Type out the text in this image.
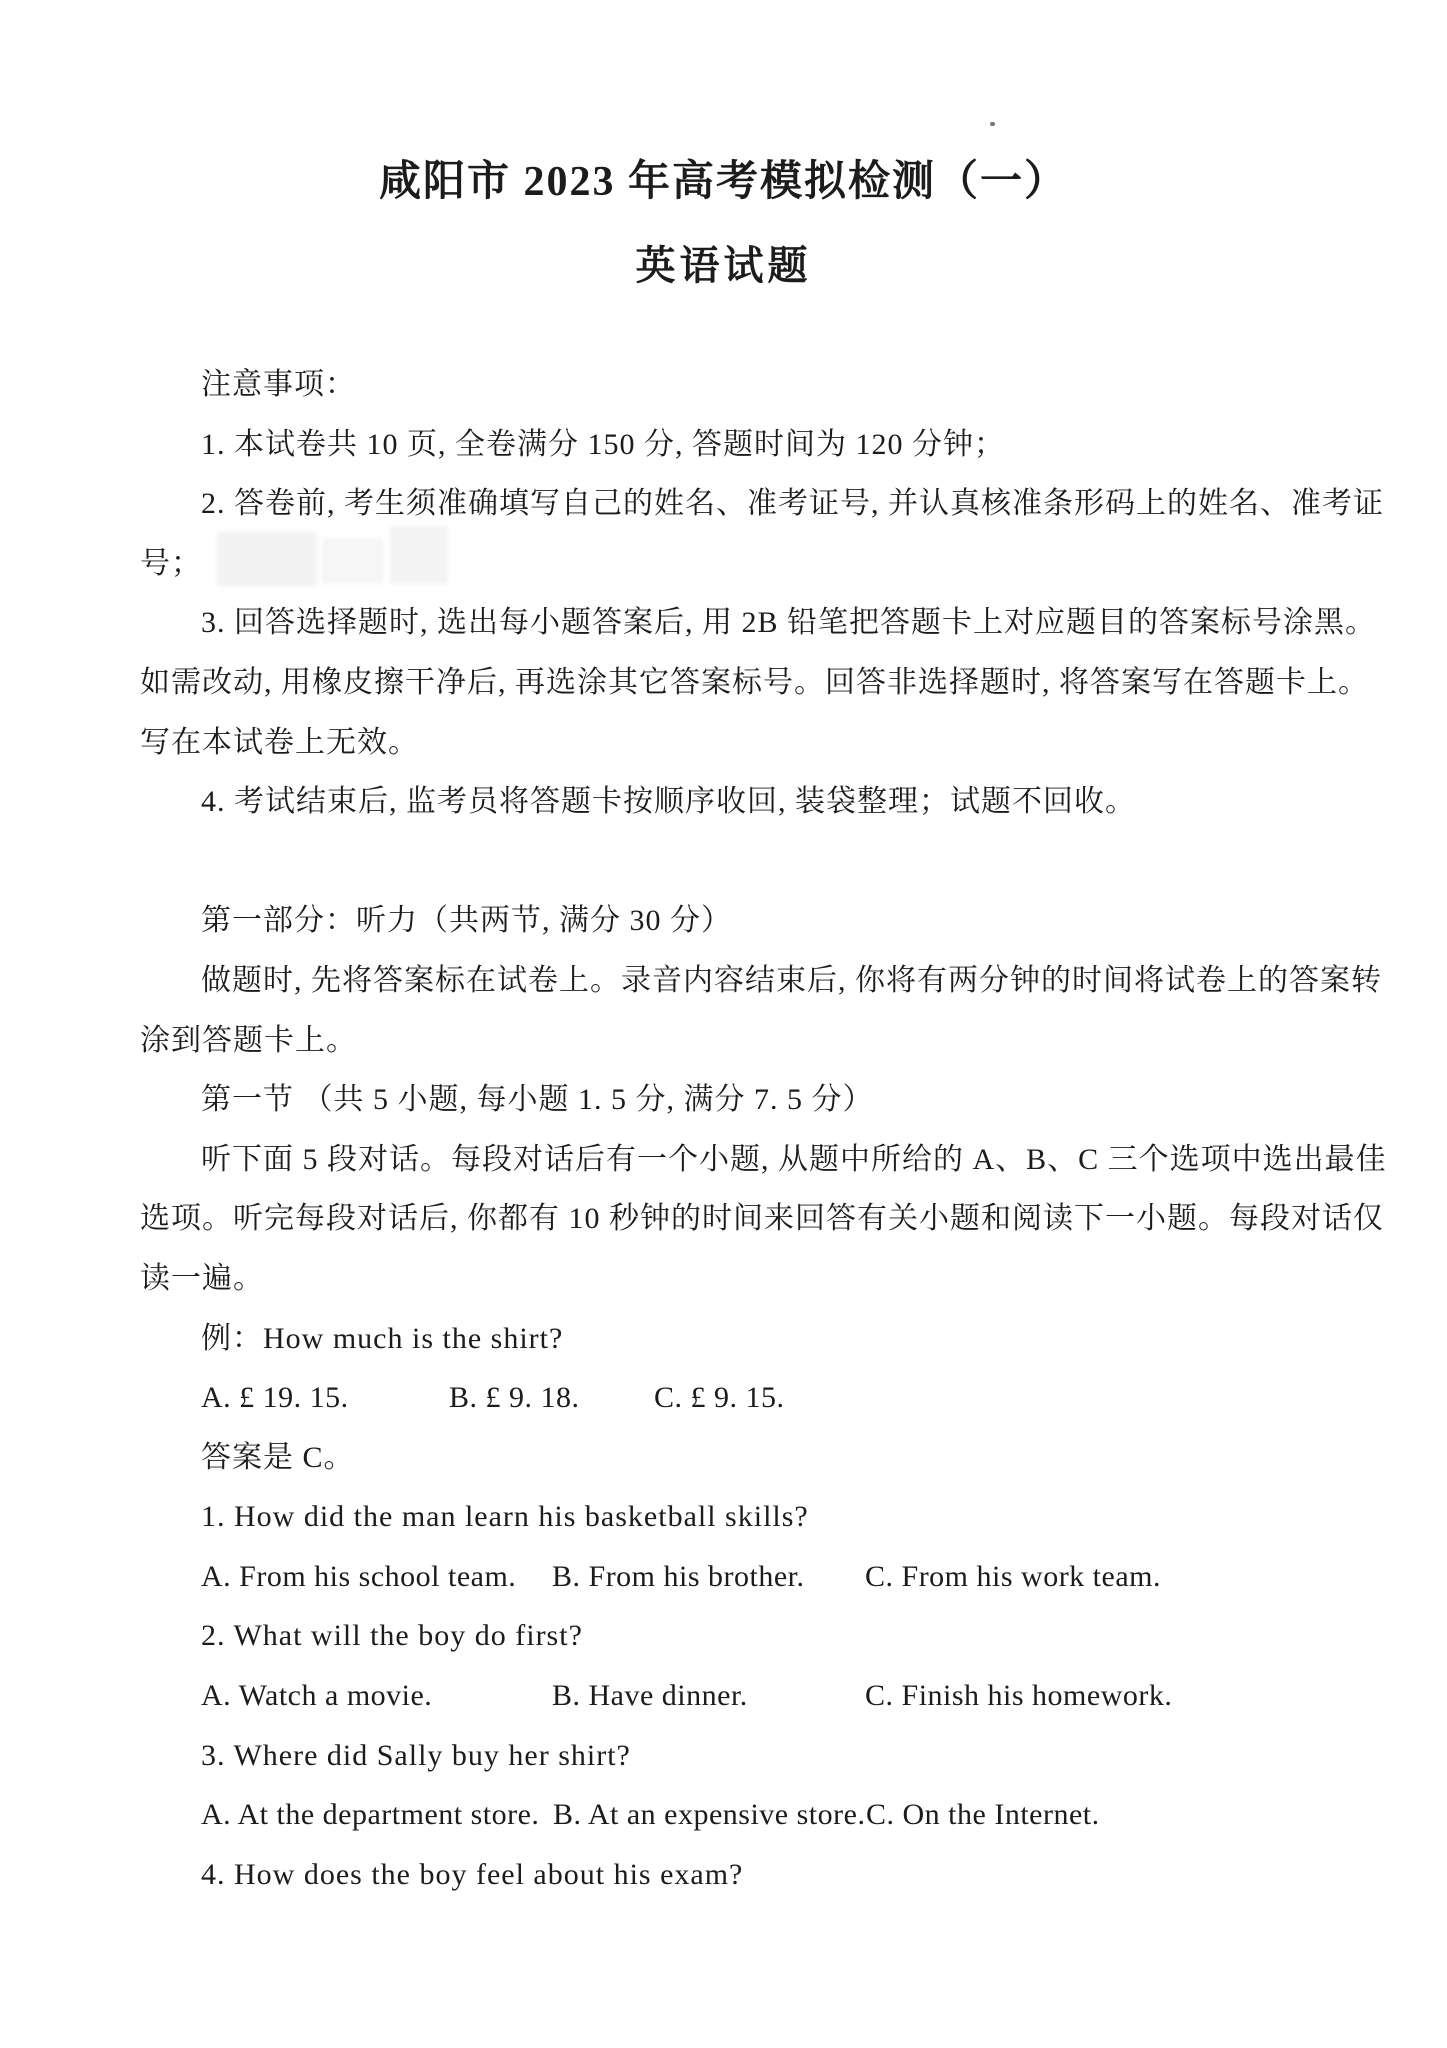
咸阳市 2023 年高考模拟检测（一）
英语试题
注意事项：
1. 本试卷共 10 页, 全卷满分 150 分, 答题时间为 120 分钟；
2. 答卷前, 考生须准确填写自己的姓名、准考证号, 并认真核准条形码上的姓名、准考证
号；
3. 回答选择题时, 选出每小题答案后, 用 2B 铅笔把答题卡上对应题目的答案标号涂黑。
如需改动, 用橡皮擦干净后, 再选涂其它答案标号。回答非选择题时, 将答案写在答题卡上。
写在本试卷上无效。
4. 考试结束后, 监考员将答题卡按顺序收回, 装袋整理；试题不回收。
第一部分：听力（共两节, 满分 30 分）
做题时, 先将答案标在试卷上。录音内容结束后, 你将有两分钟的时间将试卷上的答案转
涂到答题卡上。
第一节 （共 5 小题, 每小题 1. 5 分, 满分 7. 5 分）
听下面 5 段对话。每段对话后有一个小题, 从题中所给的 A、B、C 三个选项中选出最佳
选项。听完每段对话后, 你都有 10 秒钟的时间来回答有关小题和阅读下一小题。每段对话仅
读一遍。
例：How much is the shirt?
A. £ 19. 15.	B. £ 9. 18. C. £ 9. 15.
答案是 C。
1. How did the man learn his basketball skills?
A. From his school team. B. From his brother. C. From his work team.
2. What will the boy do first?
A. Watch a movie.	B. Have dinner.	C. Finish his homework.
3. Where did Sally buy her shirt?
A. At the department store. B. At an expensive store. C. On the Internet.
4. How does the boy feel about his exam?
